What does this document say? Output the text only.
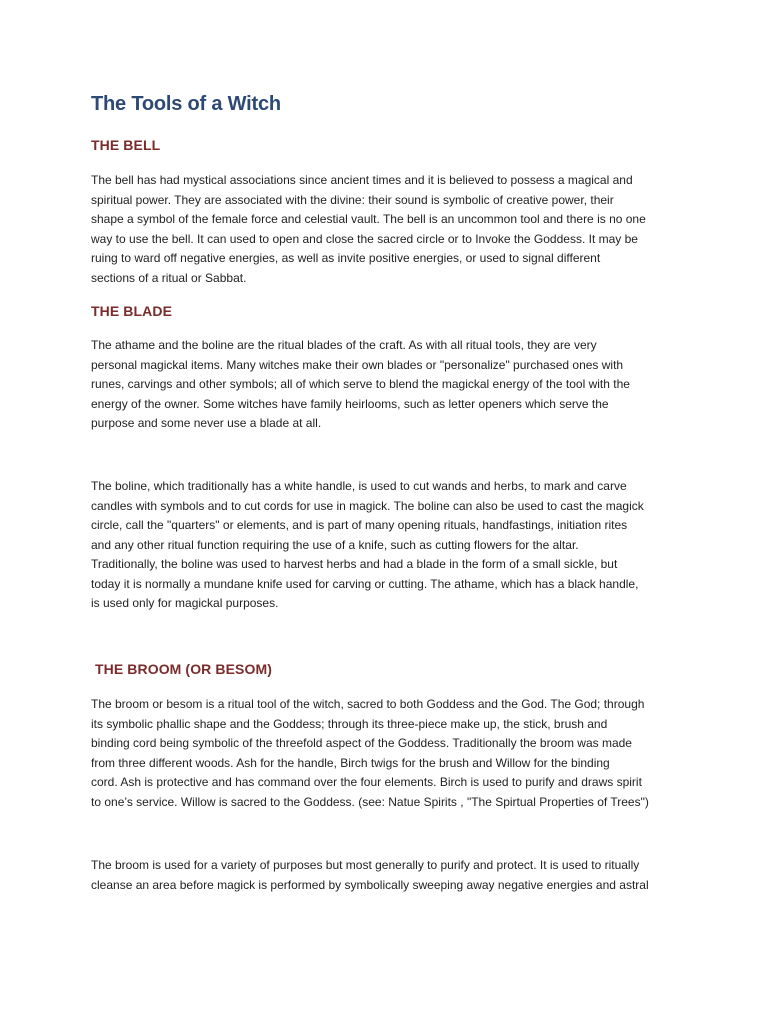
The Tools of a Witch
THE BELL

The bell has had mystical associations since ancient times and it is believed to possess a magical and
spiritual power. They are associated with the divine: their sound is symbolic of creative power, their
shape a symbol of the female force and celestial vault. The bell is an uncommon tool and there is no one
way to use the bell. It can used to open and close the sacred circle or to Invoke the Goddess. It may be
ruing to ward off negative energies, as well as invite positive energies, or used to signal different
sections of a ritual or Sabbat.

THE BLADE

The athame and the boline are the ritual blades of the craft. As with all ritual tools, they are very
personal magickal items. Many witches make their own blades or "personalize" purchased ones with
runes, carvings and other symbols; all of which serve to blend the magickal energy of the tool with the
energy of the owner. Some witches have family heirlooms, such as letter openers which serve the
purpose and some never use a blade at all.

The boline, which traditionally has a white handle, is used to cut wands and herbs, to mark and carve
candles with symbols and to cut cords for use in magick. The boline can also be used to cast the magick
circle, call the "quarters" or elements, and is part of many opening rituals, handfastings, initiation rites
and any other ritual function requiring the use of a knife, such as cutting flowers for the altar.
Traditionally, the boline was used to harvest herbs and had a blade in the form of a small sickle, but
today it is normally a mundane knife used for carving or cutting. The athame, which has a black handle,
is used only for magickal purposes.

THE BROOM (OR BESOM)

The broom or besom is a ritual tool of the witch, sacred to both Goddess and the God. The God; through
its symbolic phallic shape and the Goddess; through its three-piece make up, the stick, brush and
binding cord being symbolic of the threefold aspect of the Goddess. Traditionally the broom was made
from three different woods. Ash for the handle, Birch twigs for the brush and Willow for the binding
cord. Ash is protective and has command over the four elements. Birch is used to purify and draws spirit
to one’s service. Willow is sacred to the Goddess. (see: Natue Spirits , "The Spirtual Properties of Trees")

The broom is used for a variety of purposes but most generally to purify and protect. It is used to ritually
cleanse an area before magick is performed by symbolically sweeping away negative energies and astral
